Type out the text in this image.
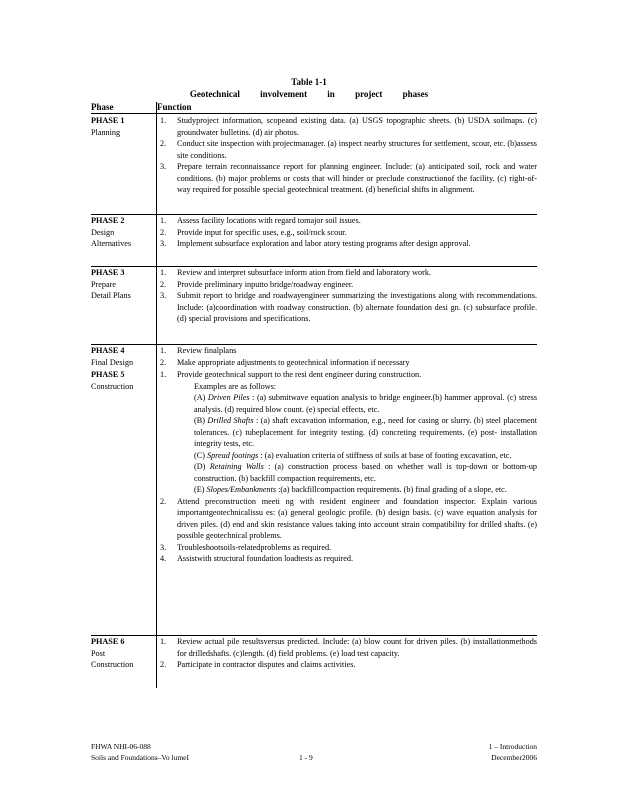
Table 1-1
Geotechnical involvement in project phases
Phase	Function
PHASE 1
Planning
1. Studyproject information, scopeand existing data. (a) USGS topographic sheets. (b) USDA soilmaps. (c) groundwater bulletins. (d) air photos.
2. Conduct site inspection with projectmanager. (a) inspect nearby structures for settlement, scour, etc. (b)assess site conditions.
3. Prepare terrain reconnaissance report for planning engineer. Include: (a) anticipated soil, rock and water conditions. (b) major problems or costs that will hinder or preclude constructionof the facility. (c) right-of-way required for possible special geotechnical treatment. (d) beneficial shifts in alignment.
PHASE 2
Design
Alternatives
1. Assess facility locations with regard tomajor soil issues.
2. Provide input for specific uses, e.g., soil/rock scour.
3. Implement subsurface exploration and labor atory testing programs after design approval.
PHASE 3
Prepare
Detail Plans
1. Review and interpret subsurface inform ation from field and laboratory work.
2. Provide preliminary inputto bridge/roadway engineer.
3. Submit report to bridge and roadwayengineer summarizing the investigations along with recommendations. Include: (a)coordination with roadway construction. (b) alternate foundation desi gn. (c) subsurface profile. (d) special provisions and specifications.
PHASE 4
Final Design
1. Review finalplans
2. Make appropriate adjustments to geotechnical information if necessary
PHASE 5
Construction
1. Provide geotechnical support to the resi dent engineer during construction.
Examples are as follows:
(A) Driven Piles : (a) submitwave equation analysis to bridge engineer.(b) hammer approval. (c) stress analysis. (d) required blow count. (e) special effects, etc.
(B) Drilled Shafts : (a) shaft excavation information, e.g., need for casing or slurry. (b) steel placement tolerances. (c) tubeplacement for integrity testing. (d) concreting requirements. (e) post- installation integrity tests, etc.
(C) Spread footings : (a) evaluation criteria of stiffness of soils at base of footing excavation, etc.
(D) Retaining Walls : (a) construction process based on whether wall is top-down or bottom-up construction. (b) backfill compaction requirements, etc.
(E) Slopes/Embankments :(a) backfillcompaction requirements. (b) final grading of a slope, etc.
2. Attend preconstruction meeti ng with resident engineer and foundation inspector. Explain various importantgeotechnicalissu es: (a) general geologic profile. (b) design basis. (c) wave equation analysis for driven piles. (d) end and skin resistance values taking into account strain compatibility for drilled shafts. (e) possible geotechnical problems.
3. Troubleshootsoils-relatedproblems as required.
4. Assistwith structural foundation loadtests as required.
PHASE 6
Post
Construction
1. Review actual pile resultsversus predicted. Include: (a) blow count for driven piles. (b) installationmethods for drilledshafts. (c)length. (d) field problems. (e) load test capacity.
2. Participate in contractor disputes and claims activities.
FHWA NHI-06-088
Soils and Foundations–Vo lumeI	1 - 9
1 – Introduction
December2006
